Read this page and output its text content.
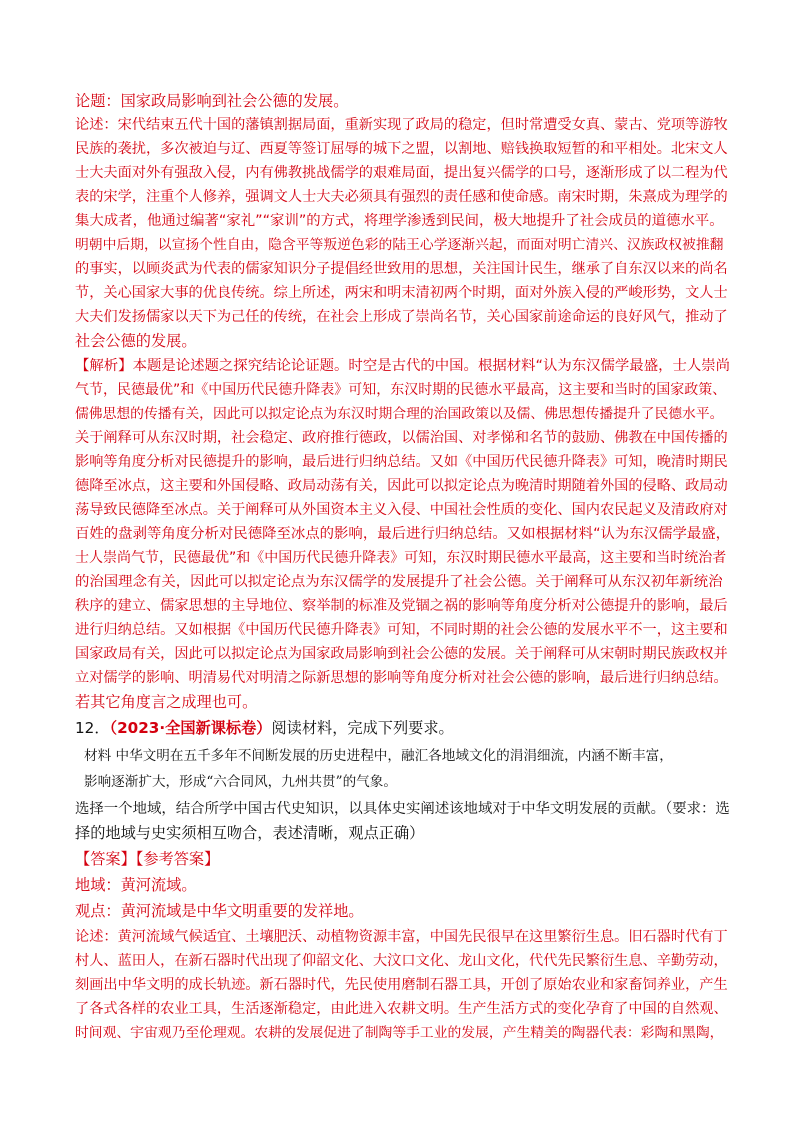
论题：国家政局影响到社会公德的发展。
论述：宋代结束五代十国的藩镇割据局面，重新实现了政局的稳定，但时常遭受女真、蒙古、党项等游牧
民族的袭扰，多次被迫与辽、西夏等签订屈辱的城下之盟，以割地、赔钱换取短暂的和平相处。北宋文人
士大夫面对外有强敌入侵，内有佛教挑战儒学的艰难局面，提出复兴儒学的口号，逐渐形成了以二程为代
表的宋学，注重个人修养，强调文人士大夫必须具有强烈的责任感和使命感。南宋时期，朱熹成为理学的
集大成者，他通过编著“家礼”“家训”的方式，将理学渗透到民间，极大地提升了社会成员的道德水平。
明朝中后期，以宣扬个性自由，隐含平等叛逆色彩的陆王心学逐渐兴起，而面对明亡清兴、汉族政权被推翻
的事实，以顾炎武为代表的儒家知识分子提倡经世致用的思想，关注国计民生，继承了自东汉以来的尚名
节，关心国家大事的优良传统。综上所述，两宋和明末清初两个时期，面对外族入侵的严峻形势，文人士
大夫们发扬儒家以天下为己任的传统，在社会上形成了崇尚名节，关心国家前途命运的良好风气，推动了
社会公德的发展。
【解析】本题是论述题之探究结论论证题。时空是古代的中国。根据材料“认为东汉儒学最盛，士人崇尚
气节，民德最优”和《中国历代民德升降表》可知，东汉时期的民德水平最高，这主要和当时的国家政策、
儒佛思想的传播有关，因此可以拟定论点为东汉时期合理的治国政策以及儒、佛思想传播提升了民德水平。
关于阐释可从东汉时期，社会稳定、政府推行德政，以儒治国、对孝悌和名节的鼓励、佛教在中国传播的
影响等角度分析对民德提升的影响，最后进行归纳总结。又如《中国历代民德升降表》可知，晚清时期民
德降至冰点，这主要和外国侵略、政局动荡有关，因此可以拟定论点为晚清时期随着外国的侵略、政局动
荡导致民德降至冰点。关于阐释可从外国资本主义入侵、中国社会性质的变化、国内农民起义及清政府对
百姓的盘剥等角度分析对民德降至冰点的影响，最后进行归纳总结。又如根据材料“认为东汉儒学最盛，
士人崇尚气节，民德最优”和《中国历代民德升降表》可知，东汉时期民德水平最高，这主要和当时统治者
的治国理念有关，因此可以拟定论点为东汉儒学的发展提升了社会公德。关于阐释可从东汉初年新统治
秩序的建立、儒家思想的主导地位、察举制的标准及党锢之祸的影响等角度分析对公德提升的影响，最后
进行归纳总结。又如根据《中国历代民德升降表》可知，不同时期的社会公德的发展水平不一，这主要和
国家政局有关，因此可以拟定论点为国家政局影响到社会公德的发展。关于阐释可从宋朝时期民族政权并
立对儒学的影响、明清易代对明清之际新思想的影响等角度分析对社会公德的影响，最后进行归纳总结。
若其它角度言之成理也可。
12．（2023·全国新课标卷）阅读材料，完成下列要求。
材料 中华文明在五千多年不间断发展的历史进程中，融汇各地域文化的涓涓细流，内涵不断丰富，
影响逐渐扩大，形成“六合同风，九州共贯”的气象。
选择一个地域，结合所学中国古代史知识，以具体史实阐述该地域对于中华文明发展的贡献。（要求：选
择的地域与史实须相互吻合，表述清晰，观点正确）
【答案】【参考答案】
地域：黄河流域。
观点：黄河流域是中华文明重要的发祥地。
论述：黄河流域气候适宜、土壤肥沃、动植物资源丰富，中国先民很早在这里繁衍生息。旧石器时代有丁
村人、蓝田人，在新石器时代出现了仰韶文化、大汶口文化、龙山文化，代代先民繁衍生息、辛勤劳动，
刻画出中华文明的成长轨迹。新石器时代，先民使用磨制石器工具，开创了原始农业和家畜饲养业，产生
了各式各样的农业工具，生活逐渐稳定，由此进入农耕文明。生产生活方式的变化孕育了中国的自然观、
时间观、宇宙观乃至伦理观。农耕的发展促进了制陶等手工业的发展，产生精美的陶器代表：彩陶和黑陶，
